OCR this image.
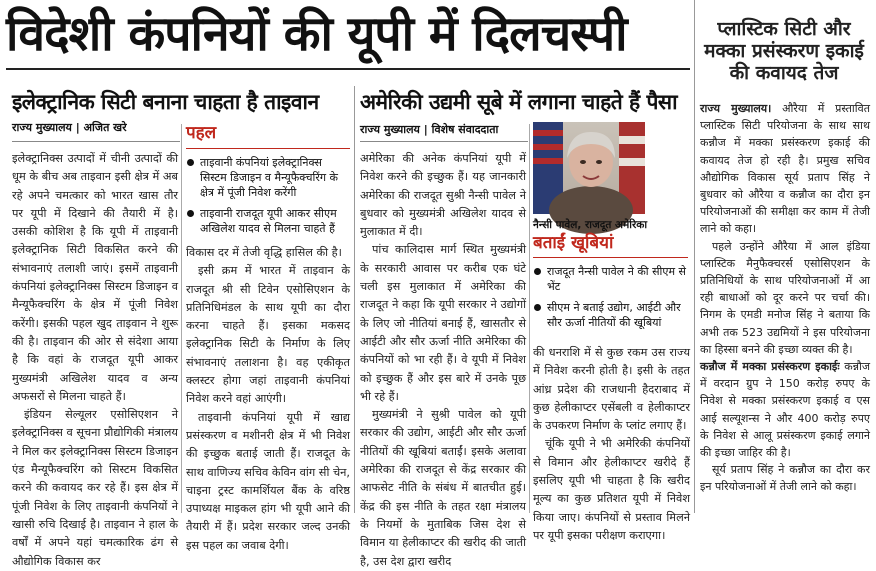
विदेशी कंपनियों की यूपी में दिलचस्पी
इलेक्ट्रानिक सिटी बनाना चाहता है ताइवान
राज्य मुख्यालय | अजित खरे

इलेक्ट्रानिक्स उत्पादों में चीनी उत्पादों की धूम के बीच अब ताइवान इसी क्षेत्र में अब रहे अपने चमत्कार को भारत खास तौर पर यूपी में दिखाने की तैयारी में है। उसकी कोशिश है कि यूपी में ताइवानी इलेक्ट्रानिक सिटी विकसित करने की संभावनाएं तलाशी जाएं। इसमें ताइवानी कंपनियां इलेक्ट्रानिक्स सिस्टम डिजाइन व मैन्यूफैक्चरिंग के क्षेत्र में पूंजी निवेश करेंगी। इसकी पहल खुद ताइवान ने शुरू की है। ताइवान की ओर से संदेशा आया है कि वहां के राजदूत यूपी आकर मुख्यमंत्री अखिलेश यादव व अन्य अफसरों से मिलना चाहते हैं।

इंडियन सेल्यूलर एसोसिएशन ने इलेक्ट्रानिक्स व सूचना प्रौद्योगिकी मंत्रालय ने मिल कर इलेक्ट्रानिक्स सिस्टम डिजाइन एंड मैन्यूफैक्चरिंग को सिस्टम विकसित करने की कवायद कर रहे हैं। इस क्षेत्र में पूंजी निवेश के लिए ताइवानी कंपनियों ने खासी रुचि दिखाई है। ताइवान ने हाल के वर्षों में अपने यहां चमत्कारिक ढंग से औद्योगिक विकास कर

पहल
ताइवानी कंपनियां इलेक्ट्रानिक्स सिस्टम डिजाइन व मैन्यूफैक्चरिंग के क्षेत्र में पूंजी निवेश करेंगी
ताइवानी राजदूत यूपी आकर सीएम अखिलेश यादव से मिलना चाहते हैं

विकास दर में तेजी वृद्धि हासिल की है।

इसी क्रम में भारत में ताइवान के राजदूत श्री सी टिवेन एसोसिएशन के प्रतिनिधिमंडल के साथ यूपी का दौरा करना चाहते हैं। इसका मकसद इलेक्ट्रानिक सिटी के निर्माण के लिए संभावनाएं तलाशना है। वह एकीकृत क्लस्टर होगा जहां ताइवानी कंपनियां निवेश करने वहां आएंगी।

ताइवानी कंपनियां यूपी में खाद्य प्रसंस्करण व मशीनरी क्षेत्र में भी निवेश की इच्छुक बताई जाती हैं। राजदूत के साथ वाणिज्य सचिव केविन वांग सी चेन, चाइना ट्रस्ट कामर्शियल बैंक के वरिष्ठ उपाध्यक्ष माइकल हांग भी यूपी आने की तैयारी में हैं। प्रदेश सरकार जल्द उनकी इस पहल का जवाब देगी।

अमेरिकी उद्यमी सूबे में लगाना चाहते हैं पैसा
राज्य मुख्यालय | विशेष संवाददाता

अमेरिका की अनेक कंपनियां यूपी में निवेश करने की इच्छुक हैं। यह जानकारी अमेरिका की राजदूत सुश्री नैन्सी पावेल ने बुधवार को मुख्यमंत्री अखिलेश यादव से मुलाकात में दी।

पांच कालिदास मार्ग स्थित मुख्यमंत्री के सरकारी आवास पर करीब एक घंटे चली इस मुलाकात में अमेरिका की राजदूत ने कहा कि यूपी सरकार ने उद्योगों के लिए जो नीतियां बनाई हैं, खासतौर से आईटी और सौर ऊर्जा नीति अमेरिका की कंपनियों को भा रही हैं। वे यूपी में निवेश को इच्छुक हैं और इस बारे में उनके पूछ भी रहे हैं।

मुख्यमंत्री ने सुश्री पावेल को यूपी सरकार की उद्योग, आईटी और सौर ऊर्जा नीतियों की खूबियां बताईं। इसके अलावा अमेरिका की राजदूत से केंद्र सरकार की आफसेट नीति के संबंध में बातचीत हुई। केंद्र की इस नीति के तहत रक्षा मंत्रालय के नियमों के मुताबिक जिस देश से विमान या हेलीकाप्टर की खरीद की जाती है, उस देश द्वारा खरीद

नैन्सी पावेल, राजदूत अमेरिका
बताईं खूबियां
राजदूत नैन्सी पावेल ने की सीएम से भेंट
सीएम ने बताई उद्योग, आईटी और सौर ऊर्जा नीतियों की खूबियां

की धनराशि में से कुछ रकम उस राज्य में निवेश करनी होती है। इसी के तहत आंध्र प्रदेश की राजधानी हैदराबाद में कुछ हेलीकाप्टर एसेंबली व हेलीकाप्टर के उपकरण निर्माण के प्लांट लगाए हैं।

चूंकि यूपी ने भी अमेरिकी कंपनियों से विमान और हेलीकाप्टर खरीदे हैं इसलिए यूपी भी चाहता है कि खरीद मूल्य का कुछ प्रतिशत यूपी में निवेश किया जाए। कंपनियों से प्रस्ताव मिलने पर यूपी इसका परीक्षण कराएगा।

प्लास्टिक सिटी और मक्का प्रसंस्करण इकाई की कवायद तेज

राज्य मुख्यालय। औरैया में प्रस्तावित प्लास्टिक सिटी परियोजना के साथ साथ कन्नौज में मक्का प्रसंस्करण इकाई की कवायद तेज हो रही है। प्रमुख सचिव औद्योगिक विकास सूर्य प्रताप सिंह ने बुधवार को औरैया व कन्नौज का दौरा इन परियोजनाओं की समीक्षा कर काम में तेजी लाने को कहा।

पहले उन्होंने औरैया में आल इंडिया प्लास्टिक मैनुफैक्चरर्स एसोसिएशन के प्रतिनिधियों के साथ परियोजनाओं में आ रही बाधाओं को दूर करने पर चर्चा की। निगम के एमडी मनोज सिंह ने बताया कि अभी तक 523 उद्यमियों ने इस परियोजना का हिस्सा बनने की इच्छा व्यक्त की है।

कन्नौज में मक्का प्रसंस्करण इकाईः कन्नौज में वरदान ग्रुप ने 150 करोड़ रुपए के निवेश से मक्का प्रसंस्करण इकाई व एस आई सल्यूशन्स ने और 400 करोड़ रुपए के निवेश से आलू प्रसंस्करण इकाई लगाने की इच्छा जाहिर की है।

सूर्य प्रताप सिंह ने कन्नौज का दौरा कर इन परियोजनाओं में तेजी लाने को कहा।
